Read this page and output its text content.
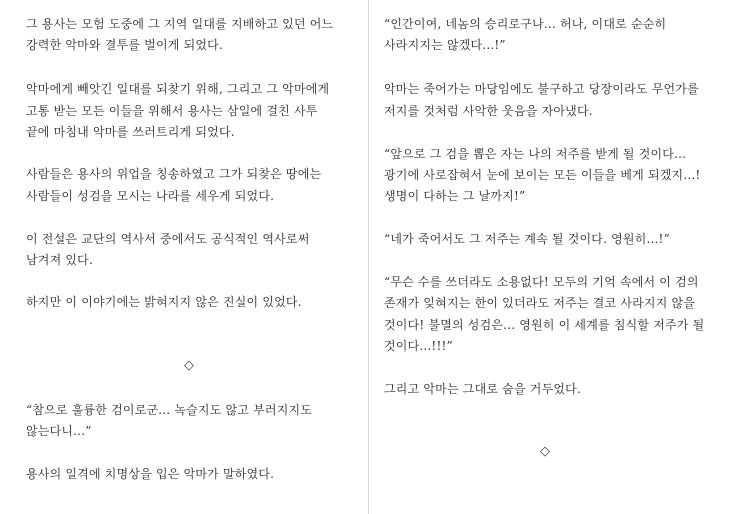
그 용사는 모험 도중에 그 지역 일대를 지배하고 있던 어느
강력한 악마와 결투를 벌이게 되었다.
악마에게 빼앗긴 일대를 되찾기 위해, 그리고 그 악마에게
고통 받는 모든 이들을 위해서 용사는 삼일에 걸친 사투
끝에 마침내 악마를 쓰러트리게 되었다.
사람들은 용사의 위업을 칭송하였고 그가 되찾은 땅에는
사람들이 성검을 모시는 나라를 세우게 되었다.
이 전설은 교단의 역사서 중에서도 공식적인 역사로써
남겨져 있다.
하지만 이 이야기에는 밝혀지지 않은 진실이 있었다.
◇
“참으로 훌륭한 검이로군... 녹슬지도 않고 부러지지도
않는다니...”
용사의 일격에 치명상을 입은 악마가 말하였다.
“인간이여, 네놈의 승리로구나... 허나, 이대로 순순히
사라지지는 않겠다...!”
악마는 죽어가는 마당임에도 불구하고 당장이라도 무언가를
저지를 것처럼 사악한 웃음을 자아냈다.
“앞으로 그 검을 뽑은 자는 나의 저주를 받게 될 것이다...
광기에 사로잡혀서 눈에 보이는 모든 이들을 베게 되겠지...!
생명이 다하는 그 날까지!”
“네가 죽어서도 그 저주는 계속 될 것이다. 영원히...!”
“무슨 수를 쓰더라도 소용없다! 모두의 기억 속에서 이 검의
존재가 잊혀지는 한이 있더라도 저주는 결코 사라지지 않을
것이다! 불멸의 성검은... 영원히 이 세계를 침식할 저주가 될
것이다...!!!”
그리고 악마는 그대로 숨을 거두었다.
◇
